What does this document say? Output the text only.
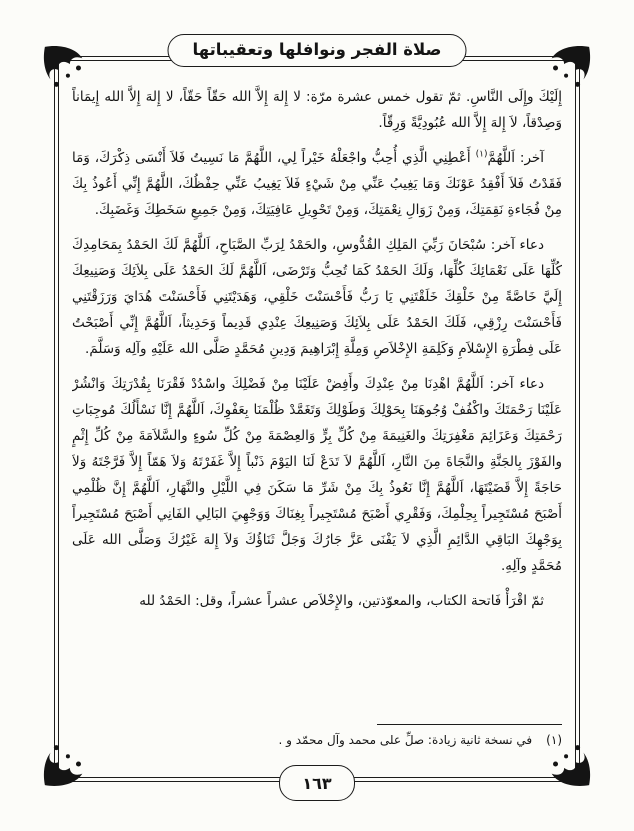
صلاة الفجر ونوافلها وتعقيباتها

إِلَيْكَ وإِلَى النَّاسِ. ثمّ تقول خمس عشرة مرّة: لا إِلهَ إِلاَّ الله حَقّاً حَقّاً، لا إِلهَ إِلاَّ الله إِيمَاناً وَصِدْقاً، لاَ إِلهَ إِلاَّ الله عُبُودِيَّةً وَرِقّاً.

آخر: اَللَّهُمَّ$^{(١)}$ أَعْطِنِي الَّذِي أُحِبُّ واجْعَلْهُ خَيْراً لِي، اللَّهُمَّ مَا نَسِيتُ فَلاَ أَنْسَى ذِكْرَكَ، وَمَا فَقَدْتُ فَلاَ أَفْقِدُ عَوْنَكَ وَمَا يَغِيبُ عَنِّي مِنْ شَيْءٍ فَلاَ يَغِيبُ عَنِّي حِفْظُكَ، اللَّهُمَّ إِنِّي أَعُوذُ بِكَ مِنْ فُجَاءةِ نَقِمَتِكَ، وَمِنْ زَوَالِ نِعْمَتِكَ، وَمِنْ تَحْوِيلِ عَافِيَتِكَ، وَمِنْ جَمِيعِ سَخَطِكَ وَغَضَبِكَ.

دعاء آخر: سُبْحَانَ رَبِّيَ المَلِكِ القُدُّوسِ، والحَمْدُ لِرَبِّ الصَّبَاحِ، اَللَّهُمَّ لَكَ الحَمْدُ بِمَحَامِدِكَ كُلِّهَا عَلَى نَعْمَائِكَ كُلِّهَا، وَلَكَ الحَمْدُ كَمَا تُحِبُّ وَتَرْضَى، اَللَّهُمَّ لَكَ الحَمْدُ عَلَى بِلاَئِكَ وَصَنِيعِكَ إِلَيَّ خَاصَّةً مِنْ خَلْقِكَ خَلَقْتَنِي يَا رَبُّ فَأَحْسَنْتَ خَلْقِي، وَهَدَيْتَنِي فَأَحْسَنْتَ هُدَايَ وَرَزَقْتَنِي فَأَحْسَنْتَ رِزْقِي، فَلَكَ الحَمْدُ عَلَى بِلاَئِكَ وَصَنِيعِكَ عِنْدِي قَدِيماً وَحَدِيثاً، اَللَّهُمَّ إِنِّي أَصْبَحْتُ عَلَى فِطْرَةِ الإِسْلاَمِ وَكَلِمَةِ الإِخْلاَصِ وَمِلَّةِ إِبْرَاهِيمَ وَدِينِ مُحَمَّدٍ صَلَّى الله عَلَيْهِ وآلِه وَسَلَّمَ.

دعاء آخر: اَللَّهُمَّ اهْدِنَا مِنْ عِنْدِكَ وأَفِضْ عَلَيْنَا مِنْ فَضْلِكَ واسْدُدْ فَقْرَنَا بِقُدْرَتِكَ وَانْشُرْ عَلَيْنَا رَحْمَتَكَ واكْفُفْ وُجُوهَنَا بِحَوْلِكَ وَطَوْلِكَ وَتَغَمَّدْ ظُلْمَنَا بِعَفْوِكَ، اَللَّهُمَّ إِنَّا نَسْأَلُكَ مُوجِبَاتِ رَحْمَتِكَ وَعَزَائِمَ مَغْفِرَتِكَ والغَنِيمَةَ مِنْ كُلِّ بِرٍّ وَالعِصْمَةَ مِنْ كُلِّ سُوءٍ والسَّلاَمَةَ مِنْ كُلِّ إِثْمٍ والفَوْزَ بِالجَنَّةِ والنَّجَاةَ مِنَ النَّارِ، اَللَّهُمَّ لاَ تَدَعْ لَنَا اليَوْمَ ذَنْباً إِلاَّ غَفَرْتَهُ وَلاَ هَمّاً إِلاَّ فَرَّجْتَهُ وَلاَ حَاجَةً إِلاَّ قَضَيْتَهَا، اَللَّهُمَّ إِنَّا نَعُوذُ بِكَ مِنْ شَرِّ مَا سَكَنَ فِي اللَّيْلِ والنَّهَارِ، اَللَّهُمَّ إِنَّ ظُلْمِي أَصْبَحَ مُسْتَجِيراً بِحِلْمِكَ، وَفَقْرِي أَصْبَحَ مُسْتَجِيراً بِغِنَاكَ وَوَجْهِيَ البَالِي الفَانِي أَصْبَحَ مُسْتَجِيراً بِوَجْهِكَ البَاقِي الدَّائِمِ الَّذِي لاَ يَفْنَى عَزَّ جَارُكَ وَجَلَّ ثَنَاؤُكَ وَلاَ إِلهَ غَيْرُكَ وَصَلَّى الله عَلَى مُحَمَّدٍ وآلِهِ.

ثمّ اقْرَأْ فَاتحة الكتاب، والمعوّذتين، والإِخْلاَص عشراً عشراً، وقل: الحَمْدُ لله

(١)في نسخة ثانية زيادة: صلِّ على محمد وآل محمّد و .
١٦٣
